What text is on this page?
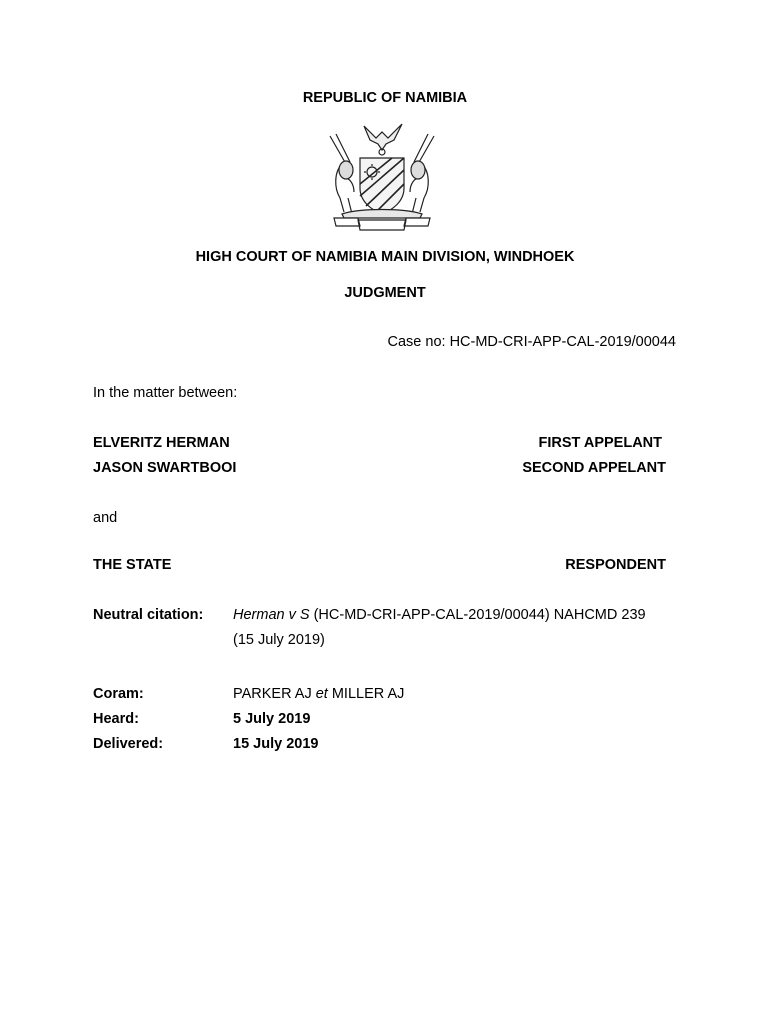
REPUBLIC OF NAMIBIA
HIGH COURT OF NAMIBIA MAIN DIVISION, WINDHOEK
JUDGMENT
Case no: HC-MD-CRI-APP-CAL-2019/00044
In the matter between:
ELVERITZ HERMAN	FIRST APPELANT
JASON SWARTBOOI	SECOND APPELANT
and
THE STATE	RESPONDENT
Neutral citation: Herman v S (HC-MD-CRI-APP-CAL-2019/00044) NAHCMD 239
(15 July 2019)
Coram:	PARKER AJ et MILLER AJ
Heard:	5 July 2019
Delivered:	15 July 2019
